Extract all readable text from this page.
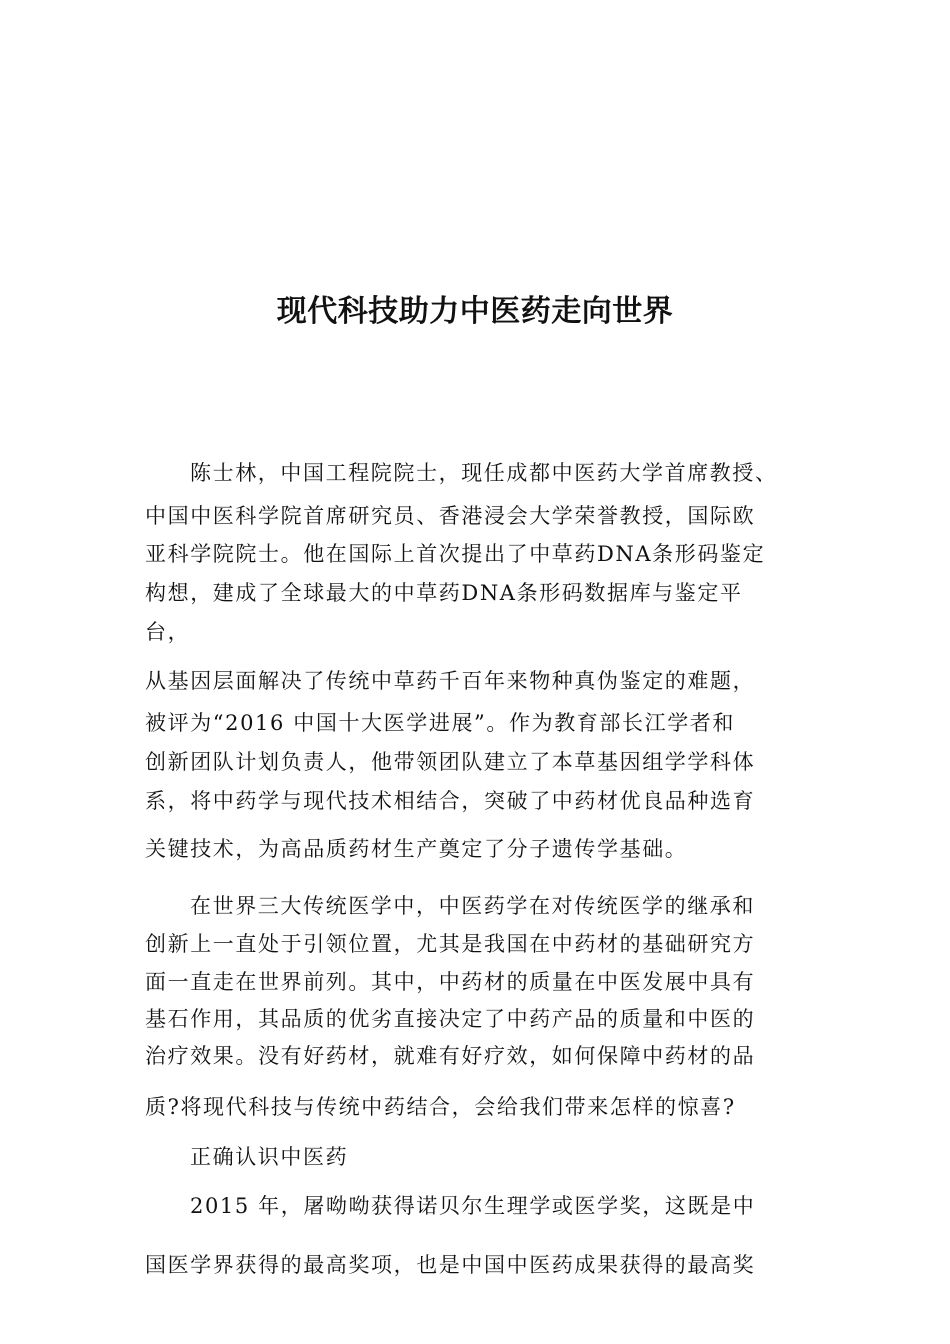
现代科技助力中医药走向世界
陈士林，中国工程院院士，现任成都中医药大学首席教授、
中国中医科学院首席研究员、香港浸会大学荣誉教授，国际欧
亚科学院院士。他在国际上首次提出了中草药DNA条形码鉴定
构想，建成了全球最大的中草药DNA条形码数据库与鉴定平
台，
从基因层面解决了传统中草药千百年来物种真伪鉴定的难题，
被评为“2016 中国十大医学进展”。作为教育部长江学者和
创新团队计划负责人，他带领团队建立了本草基因组学学科体
系，将中药学与现代技术相结合，突破了中药材优良品种选育
关键技术，为高品质药材生产奠定了分子遗传学基础。
在世界三大传统医学中，中医药学在对传统医学的继承和
创新上一直处于引领位置，尤其是我国在中药材的基础研究方
面一直走在世界前列。其中，中药材的质量在中医发展中具有
基石作用，其品质的优劣直接决定了中药产品的质量和中医的
治疗效果。没有好药材，就难有好疗效，如何保障中药材的品
质?将现代科技与传统中药结合，会给我们带来怎样的惊喜?
正确认识中医药
2015 年，屠呦呦获得诺贝尔生理学或医学奖，这既是中
国医学界获得的最高奖项，也是中国中医药成果获得的最高奖
